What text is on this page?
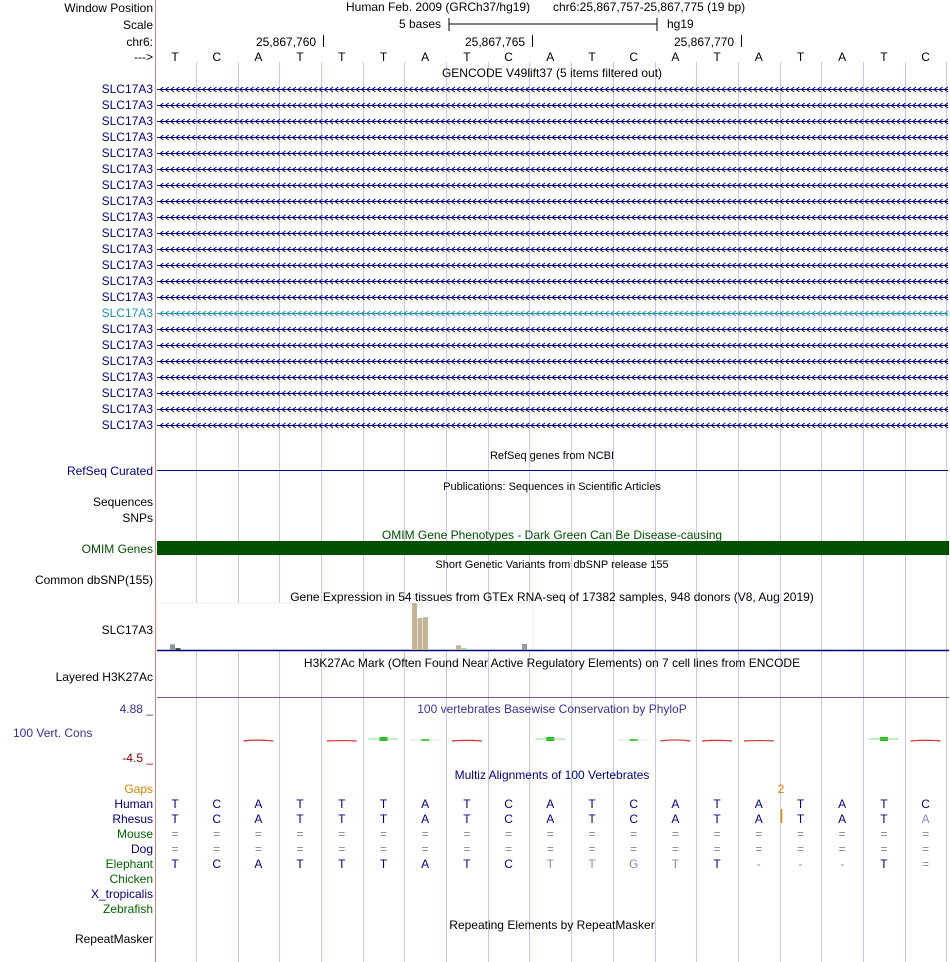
Window Position
Scale
chr6:
--->
Human Feb. 2009 (GRCh37/hg19) chr6:25,867,757-25,867,775 (19 bp)
5 bases	hg19
25,867,760	25,867,765	25,867,770
T	C	A	T	T	T	A	T	C	A	T	C	A	T	A	T	A	T	C
GENCODE V49lift37 (5 items filtered out)
SLC17A3
SLC17A3
SLC17A3
SLC17A3
SLC17A3
SLC17A3
SLC17A3
SLC17A3
SLC17A3
SLC17A3
SLC17A3
SLC17A3
SLC17A3
SLC17A3
SLC17A3
SLC17A3
SLC17A3
SLC17A3
SLC17A3
SLC17A3
SLC17A3
SLC17A3
RefSeq genes from NCBI
RefSeq Curated
Publications: Sequences in Scientific Articles
Sequences
SNPs
OMIM Gene Phenotypes - Dark Green Can Be Disease-causing
OMIM Genes
Short Genetic Variants from dbSNP release 155
Common dbSNP(155)
Gene Expression in 54 tissues from GTEx RNA-seq of 17382 samples, 948 donors (V8, Aug 2019)
SLC17A3
H3K27Ac Mark (Often Found Near Active Regulatory Elements) on 7 cell lines from ENCODE
Layered H3K27Ac
100 vertebrates Basewise Conservation by PhyloP
4.88 _
100 Vert. Cons
-4.5 _
Multiz Alignments of 100 Vertebrates
Gaps	2
Human T	C	A	T	T	T	A	T	C	A	T	C	A	T	A	T	A	T	C
Rhesus T	C	A	T	T	T	A	T	C	A	T	C	A	T	A	T	A	T	A
Mouse =	=	=	=	=	=	=	=	=	=	=	=	=	=	=	=	=	=	=
Dog =	=	=	=	=	=	=	=	=	=	=	=	=	=	=	=	=	=	=
Elephant T	C	A	T	T	T	A	T	C	T	T	G	T	T	-	-	-	T	=
Chicken
X_tropicalis
Zebrafish
Repeating Elements by RepeatMasker
RepeatMasker
